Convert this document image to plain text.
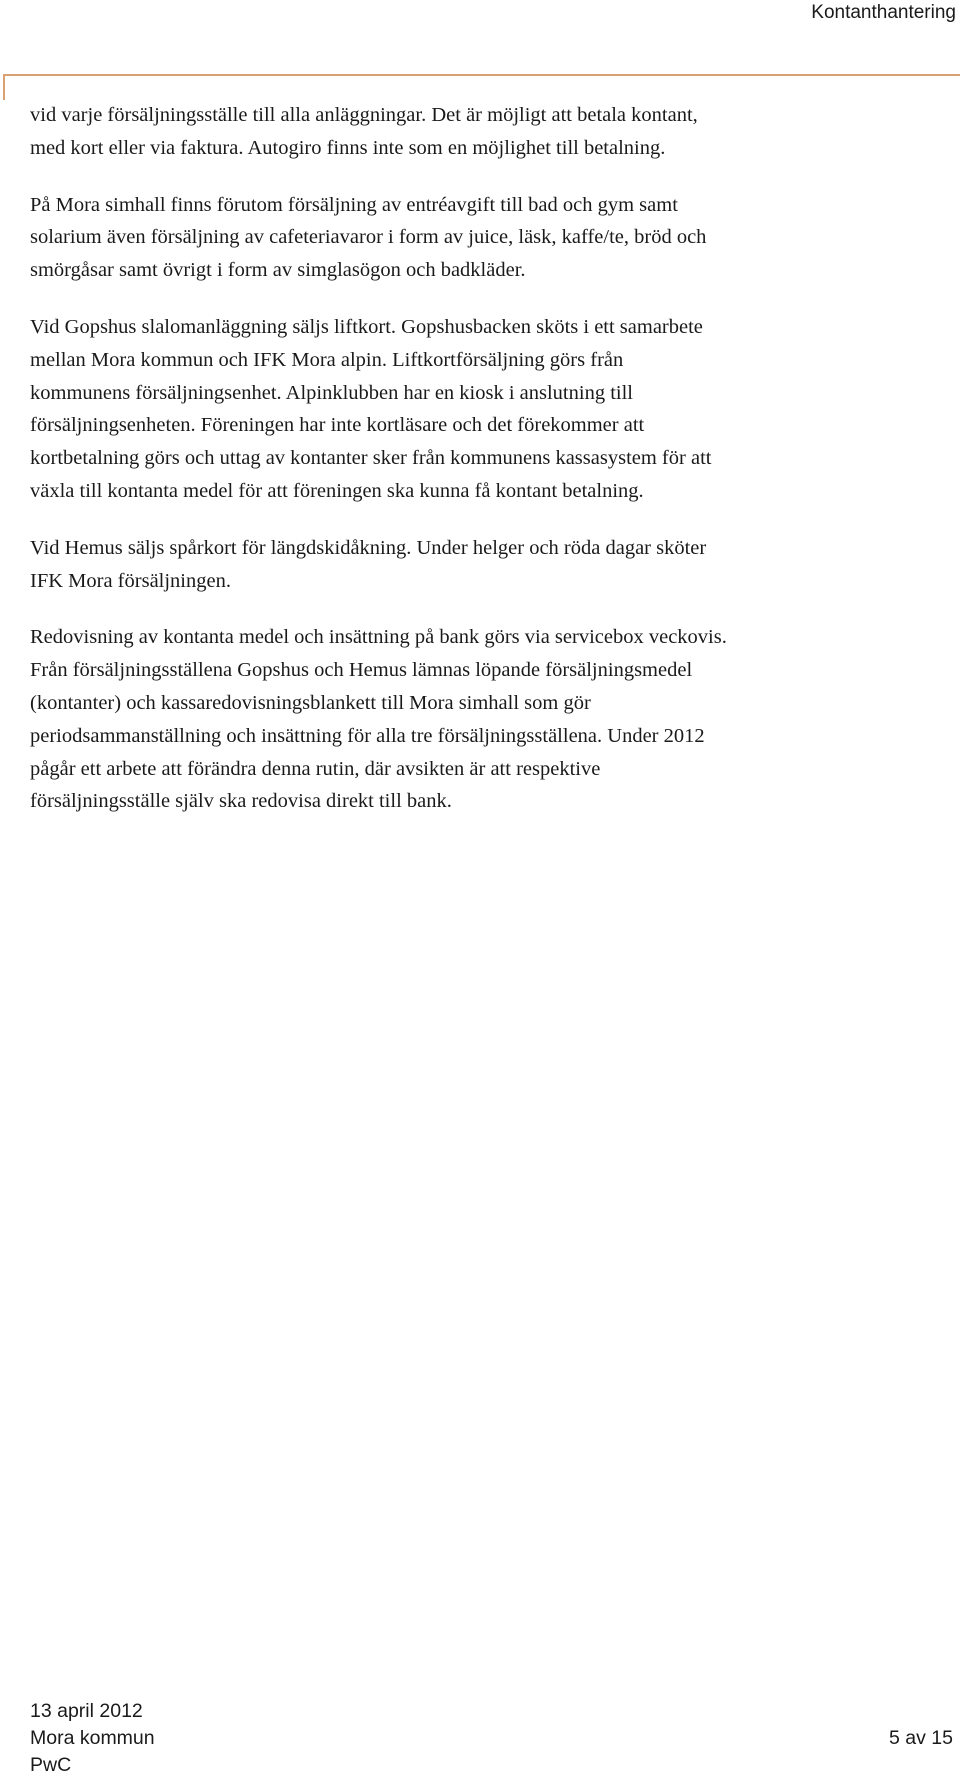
Kontanthantering

vid varje försäljningsställe till alla anläggningar. Det är möjligt att betala kontant,
med kort eller via faktura. Autogiro finns inte som en möjlighet till betalning.

På Mora simhall finns förutom försäljning av entréavgift till bad och gym samt
solarium även försäljning av cafeteriavaror i form av juice, läsk, kaffe/te, bröd och
smörgåsar samt övrigt i form av simglasögon och badkläder.

Vid Gopshus slalomanläggning säljs liftkort. Gopshusbacken sköts i ett samarbete
mellan Mora kommun och IFK Mora alpin. Liftkortförsäljning görs från
kommunens försäljningsenhet. Alpinklubben har en kiosk i anslutning till
försäljningsenheten. Föreningen har inte kortläsare och det förekommer att
kortbetalning görs och uttag av kontanter sker från kommunens kassasystem för att
växla till kontanta medel för att föreningen ska kunna få kontant betalning.

Vid Hemus säljs spårkort för längdskidåkning. Under helger och röda dagar sköter
IFK Mora försäljningen.

Redovisning av kontanta medel och insättning på bank görs via servicebox veckovis.
Från försäljningsställena Gopshus och Hemus lämnas löpande försäljningsmedel
(kontanter) och kassaredovisningsblankett till Mora simhall som gör
periodsammanställning och insättning för alla tre försäljningsställena. Under 2012
pågår ett arbete att förändra denna rutin, där avsikten är att respektive
försäljningsställe själv ska redovisa direkt till bank.

13 april 2012
Mora kommun	5 av 15
PwC
